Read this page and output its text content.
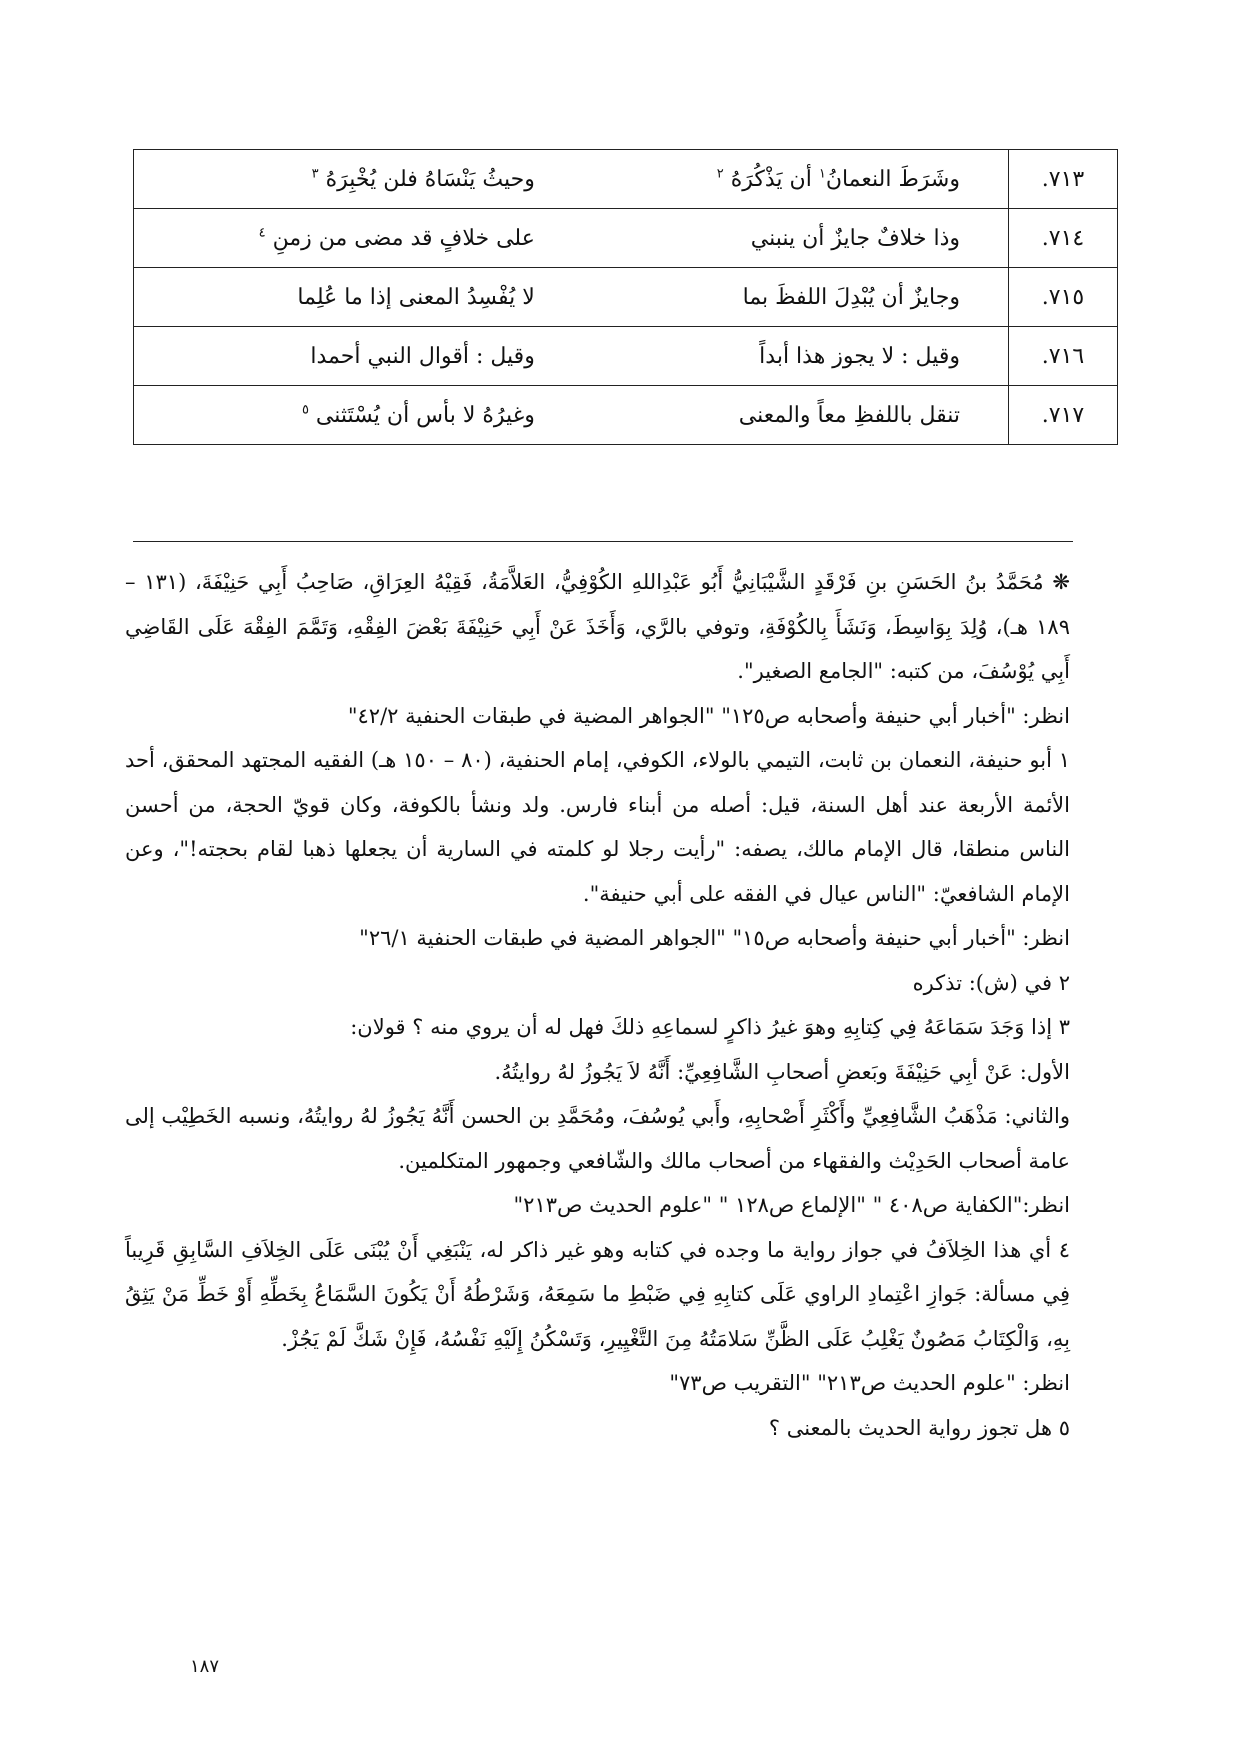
٧١٣.	وشَرَطَ النعمانُ$^١$ أن يَذْكُرَهُ $^٢$	وحيثُ يَنْسَاهُ فلن يُخْبِرَهُ $^٣$
٧١٤.	وذا خلافٌ جايزٌ أن ينبني	على خلافٍ قد مضى من زمنِ $^٤$
٧١٥.	وجايزٌ أن يُبْدِلَ اللفظَ بما	لا يُفْسِدُ المعنى إذا ما عُلِما
٧١٦.	وقيل : لا يجوز هذا أبداً	وقيل : أقوال النبي أحمدا
٧١٧.	تنقل باللفظِ معاً والمعنى	وغيرُهُ لا بأس أن يُسْتَثنى $^٥$

❋ مُحَمَّدُ بنُ الحَسَنِ بنِ فَرْقَدٍ الشَّيْبَانِيُّ أَبُو عَبْدِاللهِ الكُوْفِيُّ، العَلاَّمَةُ، فَقِيْهُ العِرَاقِ، صَاحِبُ أَبِي حَنِيْفَةَ، (١٣١ – ١٨٩ هـ)، وُلِدَ بِوَاسِطَ، وَنَشَأَ بِالكُوْفَةِ، وتوفي بالرَّي، وَأَخَذَ عَنْ أَبِي حَنِيْفَةَ بَعْضَ الفِقْهِ، وَتَمَّمَ الفِقْهَ عَلَى القَاضِي أَبِي يُوْسُفَ، من كتبه: "الجامع الصغير".

انظر: "أخبار أبي حنيفة وأصحابه ص١٢٥" "الجواهر المضية في طبقات الحنفية ٤٢/٢"

١ أبو حنيفة، النعمان بن ثابت، التيمي بالولاء، الكوفي، إمام الحنفية، (٨٠ – ١٥٠ هـ) الفقيه المجتهد المحقق، أحد الأئمة الأربعة عند أهل السنة، قيل: أصله من أبناء فارس. ولد ونشأ بالكوفة، وكان قويّ الحجة، من أحسن الناس منطقا، قال الإمام مالك، يصفه: "رأيت رجلا لو كلمته في السارية أن يجعلها ذهبا لقام بحجته!"، وعن الإمام الشافعيّ: "الناس عيال في الفقه على أبي حنيفة".

انظر: "أخبار أبي حنيفة وأصحابه ص١٥" "الجواهر المضية في طبقات الحنفية ٢٦/١"

٢ في (ش): تذكره

٣ إذا وَجَدَ سَمَاعَهُ فِي كِتابِهِ وهوَ غيرُ ذاكرٍ لسماعِهِ ذلكَ فهل له أن يروي منه ؟ قولان:

الأول: عَنْ أبِي حَنِيْفَةَ وبَعضِ أصحابِ الشَّافِعِيِّ: أَنَّهُ لاَ يَجُوزُ لهُ روايتُهُ.

والثاني: مَذْهَبُ الشَّافِعِيِّ وأَكْثَرِ أَصْحابِهِ، وأَبي يُوسُفَ، ومُحَمَّدِ بن الحسن أَنَّهُ يَجُوزُ لهُ روايتُهُ، ونسبه الخَطِيْب إلى عامة أصحاب الحَدِيْث والفقهاء من أصحاب مالك والشّافعي وجمهور المتكلمين.

انظر:"الكفاية ص٤٠٨ " "الإلماع ص١٢٨ " "علوم الحديث ص٢١٣"

٤ أي هذا الخِلاَفُ في جواز رواية ما وجده في كتابه وهو غير ذاكر له، يَنْبَغِي أَنْ يُبْنَى عَلَى الخِلاَفِ السَّابِقِ قَرِيباً فِي مسألة: جَوازِ اعْتِمادِ الراوي عَلَى كتابِهِ فِي ضَبْطِ ما سَمِعَهُ، وَشَرْطُهُ أَنْ يَكُونَ السَّمَاعُ بِخَطِّهِ أَوْ خَطِّ مَنْ يَثِقُ بِهِ، وَالْكِتَابُ مَصُونٌ يَغْلِبُ عَلَى الظَّنِّ سَلامَتُهُ مِنَ التَّغْيِيرِ، وَتَسْكُنُ إِلَيْهِ نَفْسُهُ، فَإِنْ شَكَّ لَمْ يَجُزْ.

انظر: "علوم الحديث ص٢١٣" "التقريب ص٧٣"

٥ هل تجوز رواية الحديث بالمعنى ؟

١٨٧
